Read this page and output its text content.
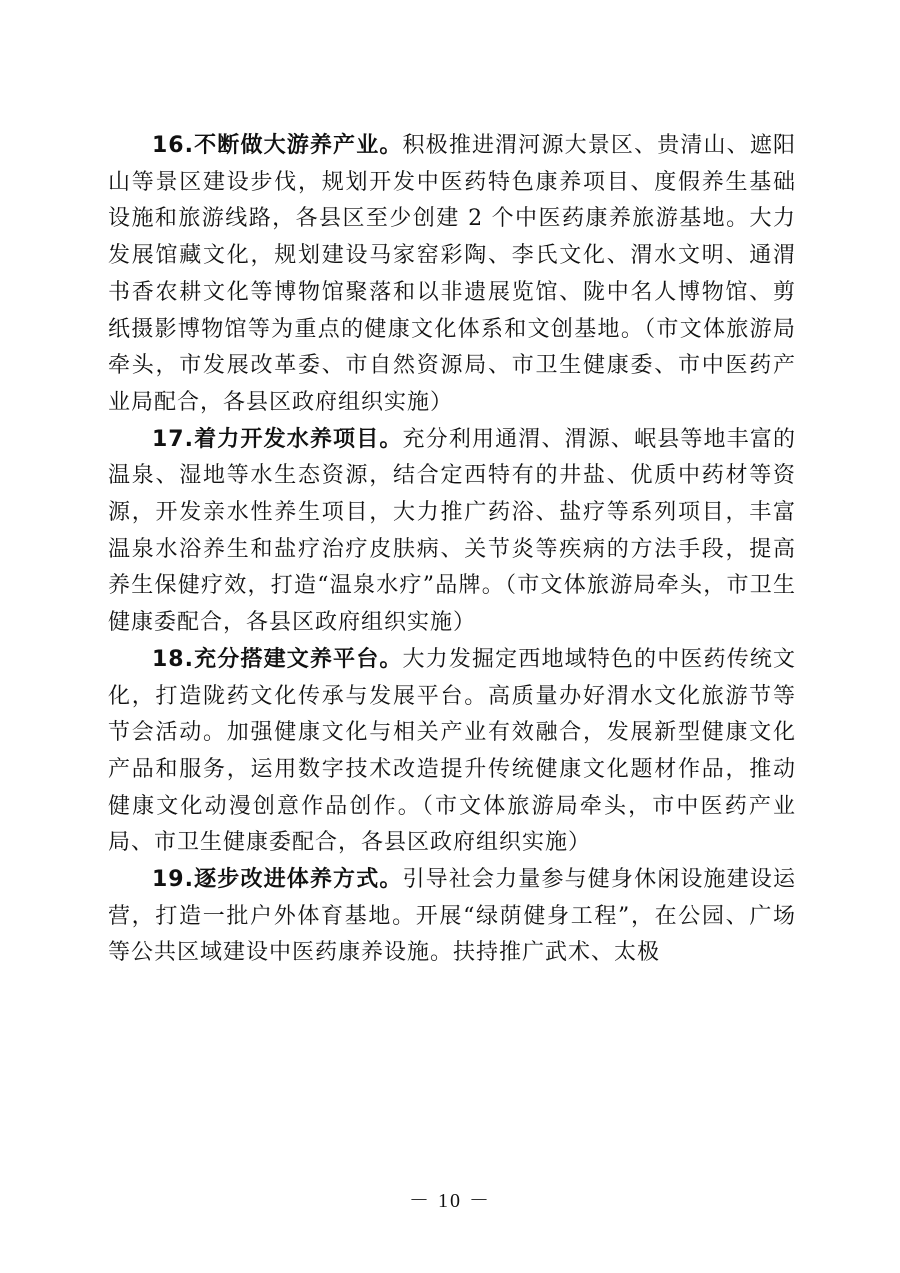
16.不断做大游养产业。积极推进渭河源大景区、贵清山、遮阳山等景区建设步伐，规划开发中医药特色康养项目、度假养生基础设施和旅游线路，各县区至少创建 2 个中医药康养旅游基地。大力发展馆藏文化，规划建设马家窑彩陶、李氏文化、渭水文明、通渭书香农耕文化等博物馆聚落和以非遗展览馆、陇中名人博物馆、剪纸摄影博物馆等为重点的健康文化体系和文创基地。（市文体旅游局牵头，市发展改革委、市自然资源局、市卫生健康委、市中医药产业局配合，各县区政府组织实施）

17.着力开发水养项目。充分利用通渭、渭源、岷县等地丰富的温泉、湿地等水生态资源，结合定西特有的井盐、优质中药材等资源，开发亲水性养生项目，大力推广药浴、盐疗等系列项目，丰富温泉水浴养生和盐疗治疗皮肤病、关节炎等疾病的方法手段，提高养生保健疗效，打造“温泉水疗”品牌。（市文体旅游局牵头，市卫生健康委配合，各县区政府组织实施）

18.充分搭建文养平台。大力发掘定西地域特色的中医药传统文化，打造陇药文化传承与发展平台。高质量办好渭水文化旅游节等节会活动。加强健康文化与相关产业有效融合，发展新型健康文化产品和服务，运用数字技术改造提升传统健康文化题材作品，推动健康文化动漫创意作品创作。（市文体旅游局牵头，市中医药产业局、市卫生健康委配合，各县区政府组织实施）

19.逐步改进体养方式。引导社会力量参与健身休闲设施建设运营，打造一批户外体育基地。开展“绿荫健身工程”，在公园、广场等公共区域建设中医药康养设施。扶持推广武术、太极

－ 10 －
